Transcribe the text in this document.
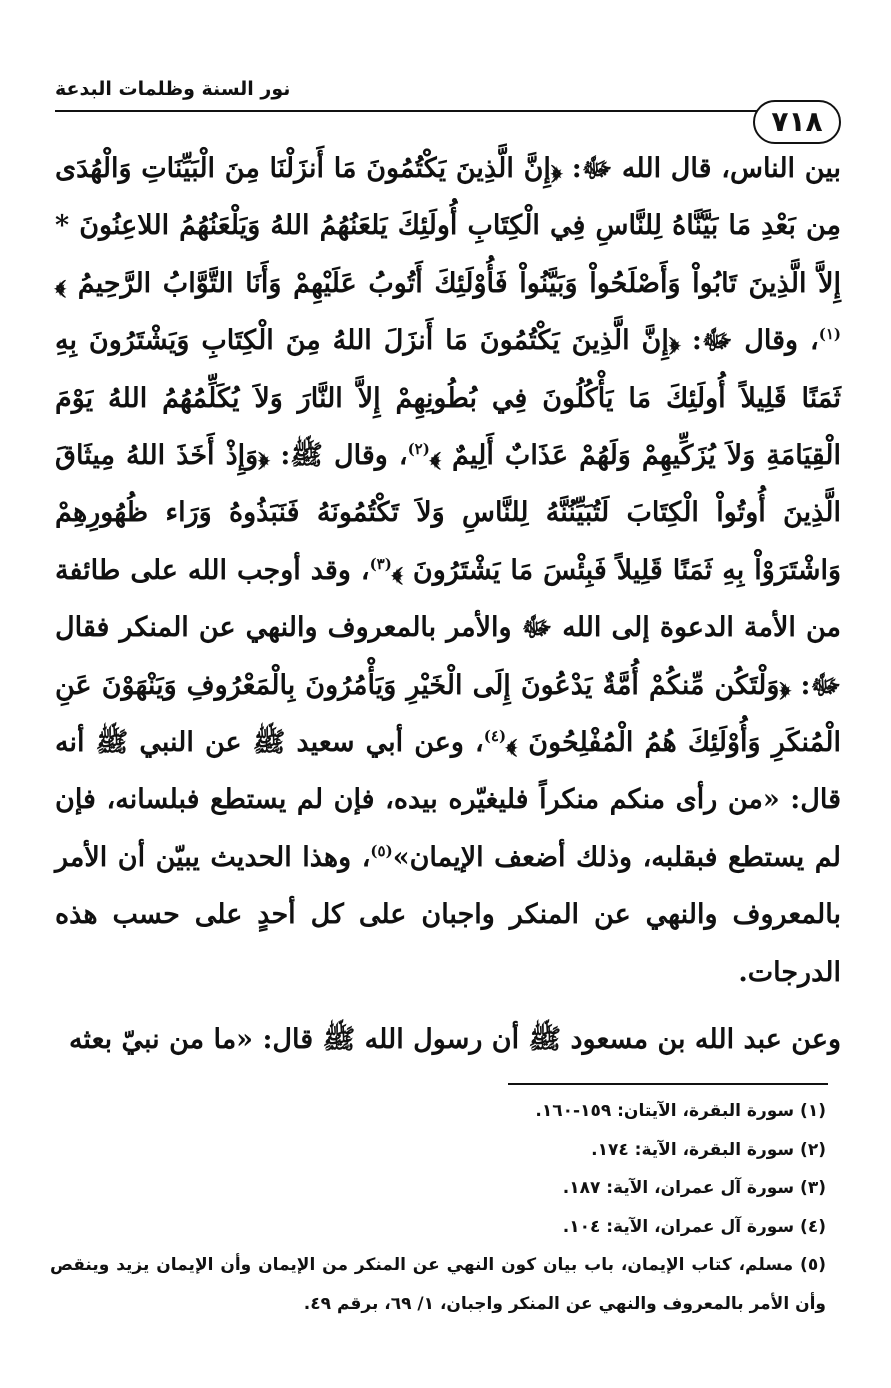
نور السنة وظلمات البدعة
٧١٨

بين الناس، قال الله ﷻ: ﴿إِنَّ الَّذِينَ يَكْتُمُونَ مَا أَنزَلْنَا مِنَ الْبَيِّنَاتِ وَالْهُدَى مِن بَعْدِ مَا بَيَّنَّاهُ لِلنَّاسِ فِي الْكِتَابِ أُولَئِكَ يَلعَنُهُمُ اللهُ وَيَلْعَنُهُمُ اللاعِنُونَ * إِلاَّ الَّذِينَ تَابُواْ وَأَصْلَحُواْ وَبَيَّنُواْ فَأُوْلَئِكَ أَتُوبُ عَلَيْهِمْ وَأَنَا التَّوَّابُ الرَّحِيمُ ﴾$^{(١)}$، وقال ﷻ: ﴿إِنَّ الَّذِينَ يَكْتُمُونَ مَا أَنزَلَ اللهُ مِنَ الْكِتَابِ وَيَشْتَرُونَ بِهِ ثَمَنًا قَلِيلاً أُولَئِكَ مَا يَأْكُلُونَ فِي بُطُونِهِمْ إِلاَّ النَّارَ وَلاَ يُكَلِّمُهُمُ اللهُ يَوْمَ الْقِيَامَةِ وَلاَ يُزَكِّيهِمْ وَلَهُمْ عَذَابٌ أَلِيمٌ ﴾$^{(٢)}$، وقال ﷺ: ﴿وَإِذْ أَخَذَ اللهُ مِيثَاقَ الَّذِينَ أُوتُواْ الْكِتَابَ لَتُبَيِّنُنَّهُ لِلنَّاسِ وَلاَ تَكْتُمُونَهُ فَنَبَذُوهُ وَرَاء ظُهُورِهِمْ وَاشْتَرَوْاْ بِهِ ثَمَنًا قَلِيلاً فَبِئْسَ مَا يَشْتَرُونَ ﴾$^{(٣)}$، وقد أوجب الله على طائفة من الأمة الدعوة إلى الله ﷻ والأمر بالمعروف والنهي عن المنكر فقال ﷻ: ﴿وَلْتَكُن مِّنكُمْ أُمَّةٌ يَدْعُونَ إِلَى الْخَيْرِ وَيَأْمُرُونَ بِالْمَعْرُوفِ وَيَنْهَوْنَ عَنِ الْمُنكَرِ وَأُوْلَئِكَ هُمُ الْمُفْلِحُونَ ﴾$^{(٤)}$، وعن أبي سعيد ﷺ عن النبي ﷺ أنه قال: «من رأى منكم منكراً فليغيّره بيده، فإن لم يستطع فبلسانه، فإن لم يستطع فبقلبه، وذلك أضعف الإيمان»$^{(٥)}$، وهذا الحديث يبيّن أن الأمر بالمعروف والنهي عن المنكر واجبان على كل أحدٍ على حسب هذه الدرجات.

وعن عبد الله بن مسعود ﷺ أن رسول الله ﷺ قال: «ما من نبيّ بعثه

(١) سورة البقرة، الآيتان: ١٥٩-١٦٠.

(٢) سورة البقرة، الآية: ١٧٤.

(٣) سورة آل عمران، الآية: ١٨٧.

(٤) سورة آل عمران، الآية: ١٠٤.

(٥) مسلم، كتاب الإيمان، باب بيان كون النهي عن المنكر من الإيمان وأن الإيمان يزيد وينقص وأن الأمر بالمعروف والنهي عن المنكر واجبان، ١/ ٦٩، برقم ٤٩.
